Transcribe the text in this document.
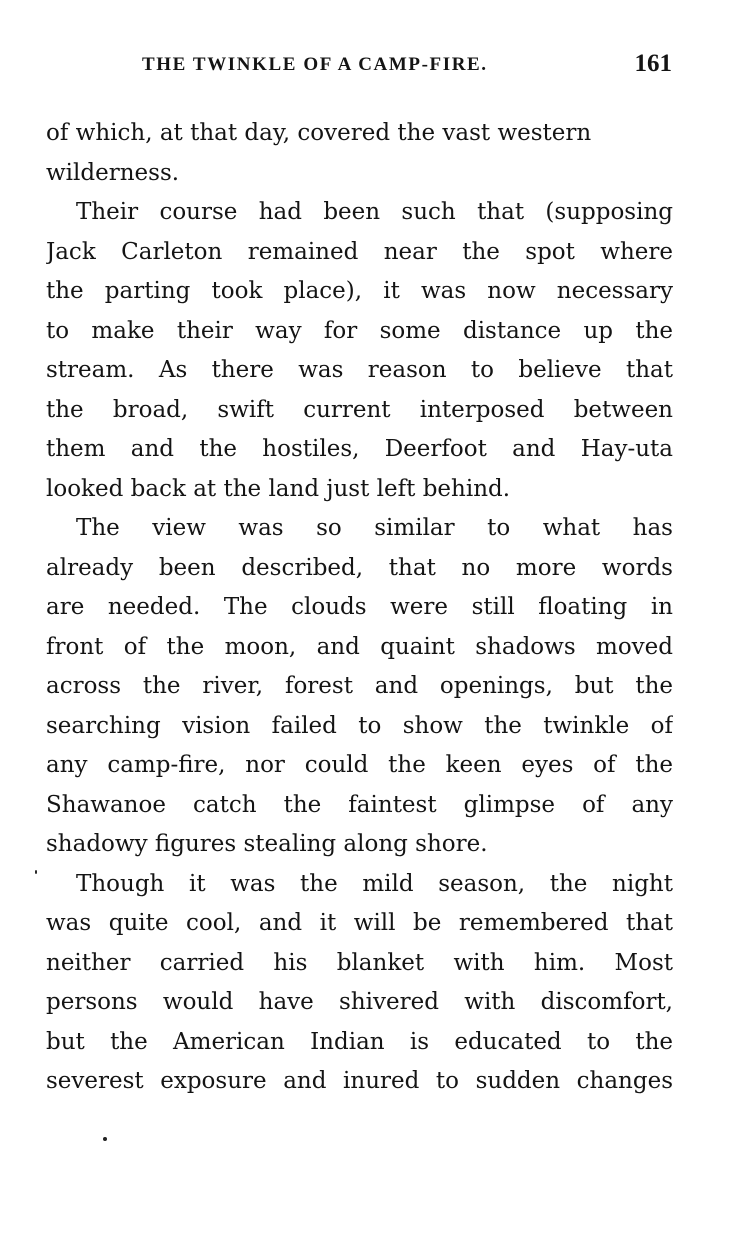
THE TWINKLE OF A CAMP-FIRE.	161
of which, at that day, covered the vast western
wilderness.
Their course had been such that (supposing
Jack Carleton remained near the spot where
the parting took place), it was now necessary
to make their way for some distance up the
stream. As there was reason to believe that
the broad, swift current interposed between
them and the hostiles, Deerfoot and Hay-uta
looked back at the land just left behind.
The view was so similar to what has
already been described, that no more words
are needed. The clouds were still floating in
front of the moon, and quaint shadows moved
across the river, forest and openings, but the
searching vision failed to show the twinkle of
any camp-fire, nor could the keen eyes of the
Shawanoe catch the faintest glimpse of any
shadowy figures stealing along shore.
Though it was the mild season, the night
was quite cool, and it will be remembered that
neither carried his blanket with him. Most
persons would have shivered with discomfort,
but the American Indian is educated to the
severest exposure and inured to sudden changes
